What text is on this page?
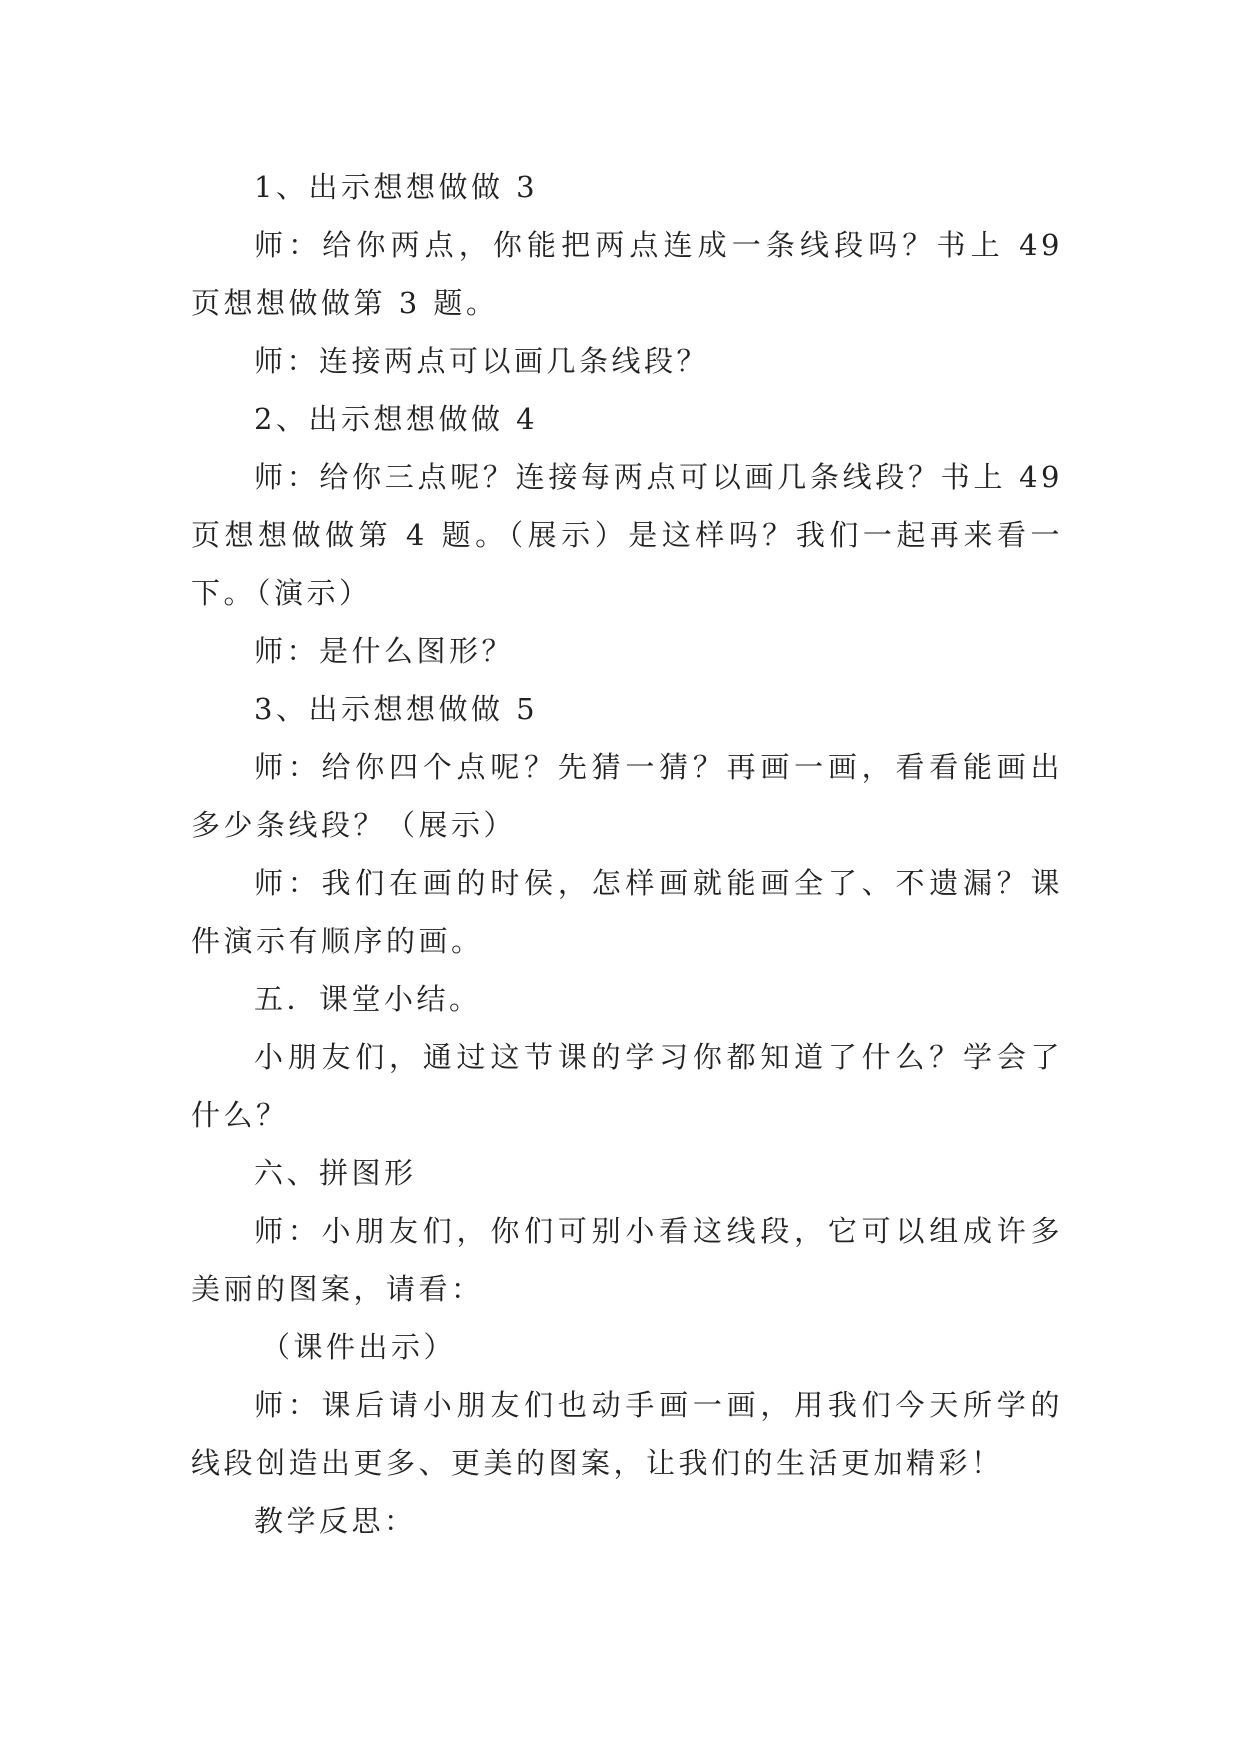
1、出示想想做做 3

师：给你两点，你能把两点连成一条线段吗？书上 49 页想想做做第 3 题。

师：连接两点可以画几条线段？

2、出示想想做做 4

师：给你三点呢？连接每两点可以画几条线段？书上 49 页想想做做第 4 题。（展示）是这样吗？我们一起再来看一下。（演示）

师：是什么图形？

3、出示想想做做 5

师：给你四个点呢？先猜一猜？再画一画，看看能画出多少条线段？（展示）

师：我们在画的时侯，怎样画就能画全了、不遗漏？课件演示有顺序的画。

五．课堂小结。

小朋友们，通过这节课的学习你都知道了什么？学会了什么？

六、拼图形

师：小朋友们，你们可别小看这线段，它可以组成许多美丽的图案，请看：

（课件出示）

师：课后请小朋友们也动手画一画，用我们今天所学的线段创造出更多、更美的图案，让我们的生活更加精彩！

教学反思：
